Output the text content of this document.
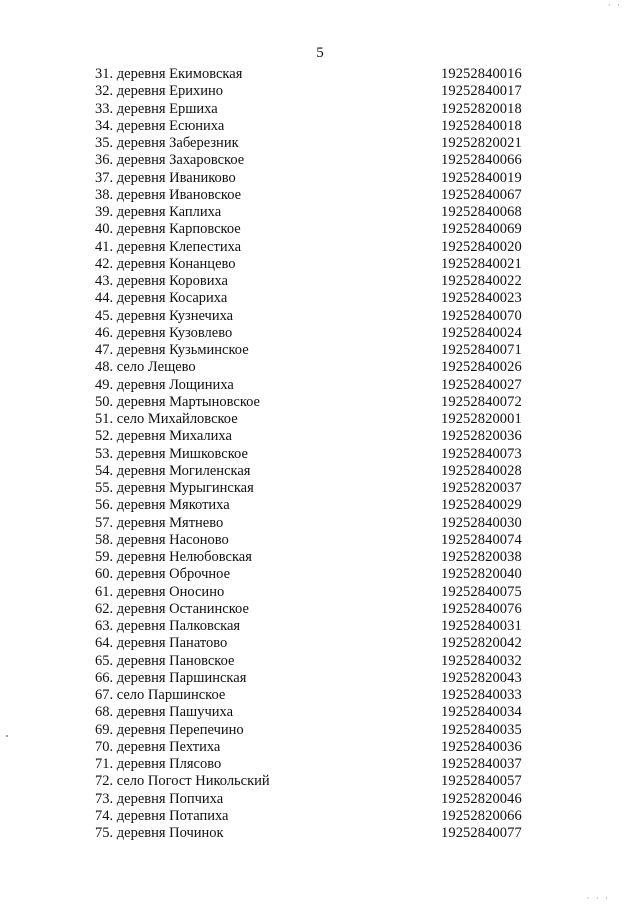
· ·
5
31. деревня Екимовская	19252840016
32. деревня Ерихино	19252840017
33. деревня Ершиха	19252820018
34. деревня Есюниха	19252840018
35. деревня Заберезник	19252820021
36. деревня Захаровское	19252840066
37. деревня Иваниково	19252840019
38. деревня Ивановское	19252840067
39. деревня Каплиха	19252840068
40. деревня Карповское	19252840069
41. деревня Клепестиха	19252840020
42. деревня Конанцево	19252840021
43. деревня Коровиха	19252840022
44. деревня Косариха	19252840023
45. деревня Кузнечиха	19252840070
46. деревня Кузовлево	19252840024
47. деревня Кузьминское	19252840071
48. село Лещево	19252840026
49. деревня Лощиниха	19252840027
50. деревня Мартыновское	19252840072
51. село Михайловское	19252820001
52. деревня Михалиха	19252820036
53. деревня Мишковское	19252840073
54. деревня Могиленская	19252840028
55. деревня Мурыгинская	19252820037
56. деревня Мякотиха	19252840029
57. деревня Мятнево	19252840030
58. деревня Насоново	19252840074
59. деревня Нелюбовская	19252820038
60. деревня Оброчное	19252820040
61. деревня Оносино	19252840075
62. деревня Останинское	19252840076
63. деревня Палковская	19252840031
64. деревня Панатово	19252820042
65. деревня Пановское	19252840032
66. деревня Паршинская	19252820043
67. село Паршинское	19252840033
68. деревня Пашучиха	19252840034
69. деревня Перепечино	19252840035
70. деревня Пехтиха	19252840036
71. деревня Плясово	19252840037
72. село Погост Никольский	19252840057
73. деревня Попчиха	19252820046
74. деревня Потапиха	19252820066
75. деревня Починок	19252840077
· · ·
